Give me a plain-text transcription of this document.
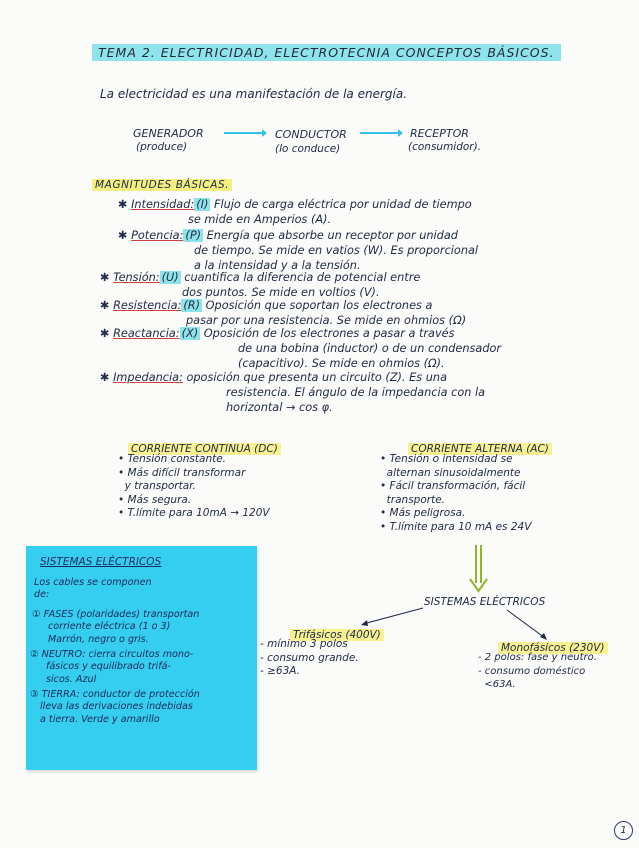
TEMA 2. ELECTRICIDAD, ELECTROTECNIA CONCEPTOS BÁSICOS.
La electricidad es una manifestación de la energía.
GENERADOR
(produce)
CONDUCTOR
(lo conduce)
RECEPTOR
(consumidor).
MAGNITUDES BÁSICAS.
✱ Intensidad: (I) Flujo de carga eléctrica por unidad de tiempo
se mide en Amperios (A).
✱ Potencia: (P) Energía que absorbe un receptor por unidad
de tiempo. Se mide en vatios (W). Es proporcional
a la intensidad y a la tensión.
✱ Tensión: (U) cuantifica la diferencia de potencial entre
dos puntos. Se mide en voltios (V).
✱ Resistencia: (R) Oposición que soportan los electrones a
pasar por una resistencia. Se mide en ohmios (Ω)
✱ Reactancia: (X) Oposición de los electrones a pasar a través
de una bobina (inductor) o de un condensador
(capacitivo). Se mide en ohmios (Ω).
✱ Impedancia: oposición que presenta un circuito (Z). Es una
resistencia. El ángulo de la impedancia con la
horizontal → cos φ.
CORRIENTE CONTINUA (DC)
• Tensión constante.
• Más difícil transformar
y transportar.
• Más segura.
• T.límite para 10mA → 120V
CORRIENTE ALTERNA (AC)
• Tensión o intensidad se
alternan sinusoidalmente
• Fácil transformación, fácil
transporte.
• Más peligrosa.
• T.límite para 10 mA es 24V
SISTEMAS ELÉCTRICOS
Trifásicos (400V)
- mínimo 3 polos
- consumo grande.
- ≥63A.
Monofásicos (230V)
- 2 polos: fase y neutro.
- consumo doméstico
<63A.
SISTEMAS ELÉCTRICOS
Los cables se componen
de:
① FASES (polaridades) transportan
corriente eléctrica (1 o 3)
Marrón, negro o gris.
② NEUTRO: cierra circuitos mono-
fásicos y equilibrado trifá-
sicos. Azul
③ TIERRA: conductor de protección
lleva las derivaciones indebidas
a tierra. Verde y amarillo
1
